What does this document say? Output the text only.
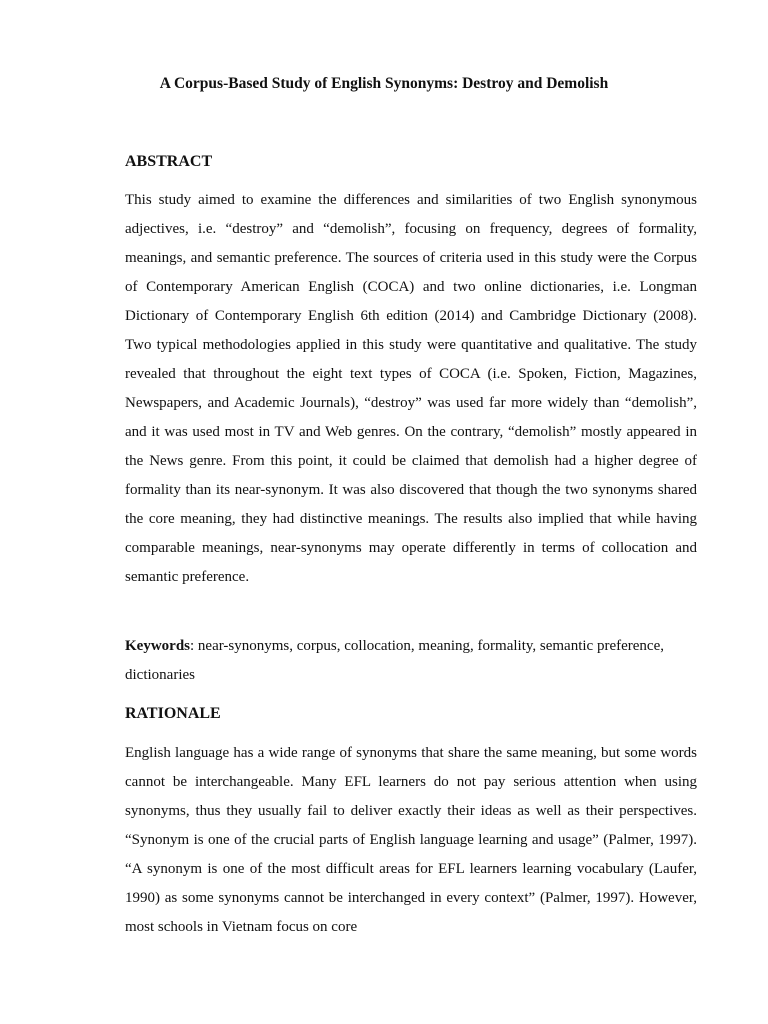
A Corpus-Based Study of English Synonyms: Destroy and Demolish
ABSTRACT

This study aimed to examine the differences and similarities of two English synonymous adjectives, i.e. “destroy” and “demolish”, focusing on frequency, degrees of formality, meanings, and semantic preference. The sources of criteria used in this study were the Corpus of Contemporary American English (COCA) and two online dictionaries, i.e. Longman Dictionary of Contemporary English 6th edition (2014) and Cambridge Dictionary (2008). Two typical methodologies applied in this study were quantitative and qualitative. The study revealed that throughout the eight text types of COCA (i.e. Spoken, Fiction, Magazines, Newspapers, and Academic Journals), “destroy” was used far more widely than “demolish”, and it was used most in TV and Web genres. On the contrary, “demolish” mostly appeared in the News genre. From this point, it could be claimed that demolish had a higher degree of formality than its near-synonym. It was also discovered that though the two synonyms shared the core meaning, they had distinctive meanings. The results also implied that while having comparable meanings, near-synonyms may operate differently in terms of collocation and semantic preference.

Keywords: near-synonyms, corpus, collocation, meaning, formality, semantic preference, dictionaries

RATIONALE

English language has a wide range of synonyms that share the same meaning, but some words cannot be interchangeable. Many EFL learners do not pay serious attention when using synonyms, thus they usually fail to deliver exactly their ideas as well as their perspectives. “Synonym is one of the crucial parts of English language learning and usage” (Palmer, 1997). “A synonym is one of the most difficult areas for EFL learners learning vocabulary (Laufer, 1990) as some synonyms cannot be interchanged in every context” (Palmer, 1997). However, most schools in Vietnam focus on core
